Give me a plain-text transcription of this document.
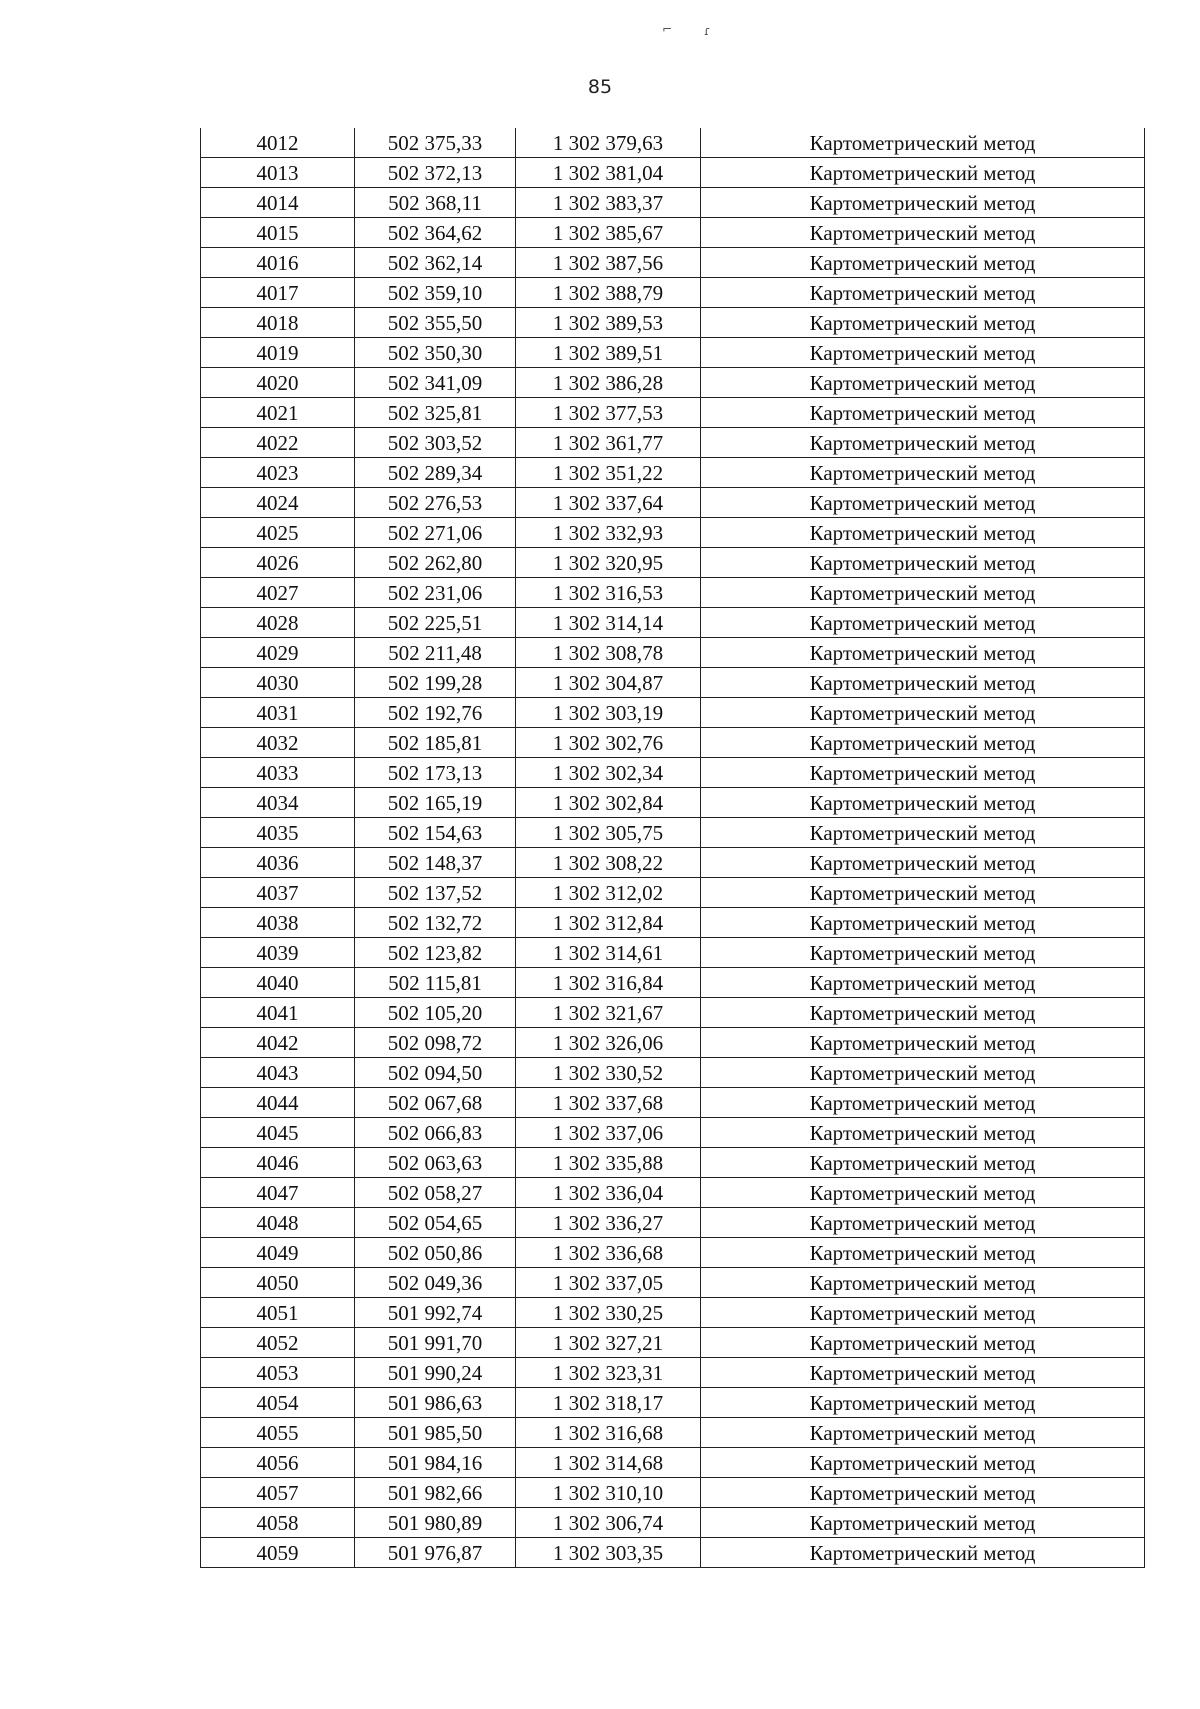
⌐	ɾ
85
4012	502 375,33	1 302 379,63	Картометрический метод
4013	502 372,13	1 302 381,04	Картометрический метод
4014	502 368,11	1 302 383,37	Картометрический метод
4015	502 364,62	1 302 385,67	Картометрический метод
4016	502 362,14	1 302 387,56	Картометрический метод
4017	502 359,10	1 302 388,79	Картометрический метод
4018	502 355,50	1 302 389,53	Картометрический метод
4019	502 350,30	1 302 389,51	Картометрический метод
4020	502 341,09	1 302 386,28	Картометрический метод
4021	502 325,81	1 302 377,53	Картометрический метод
4022	502 303,52	1 302 361,77	Картометрический метод
4023	502 289,34	1 302 351,22	Картометрический метод
4024	502 276,53	1 302 337,64	Картометрический метод
4025	502 271,06	1 302 332,93	Картометрический метод
4026	502 262,80	1 302 320,95	Картометрический метод
4027	502 231,06	1 302 316,53	Картометрический метод
4028	502 225,51	1 302 314,14	Картометрический метод
4029	502 211,48	1 302 308,78	Картометрический метод
4030	502 199,28	1 302 304,87	Картометрический метод
4031	502 192,76	1 302 303,19	Картометрический метод
4032	502 185,81	1 302 302,76	Картометрический метод
4033	502 173,13	1 302 302,34	Картометрический метод
4034	502 165,19	1 302 302,84	Картометрический метод
4035	502 154,63	1 302 305,75	Картометрический метод
4036	502 148,37	1 302 308,22	Картометрический метод
4037	502 137,52	1 302 312,02	Картометрический метод
4038	502 132,72	1 302 312,84	Картометрический метод
4039	502 123,82	1 302 314,61	Картометрический метод
4040	502 115,81	1 302 316,84	Картометрический метод
4041	502 105,20	1 302 321,67	Картометрический метод
4042	502 098,72	1 302 326,06	Картометрический метод
4043	502 094,50	1 302 330,52	Картометрический метод
4044	502 067,68	1 302 337,68	Картометрический метод
4045	502 066,83	1 302 337,06	Картометрический метод
4046	502 063,63	1 302 335,88	Картометрический метод
4047	502 058,27	1 302 336,04	Картометрический метод
4048	502 054,65	1 302 336,27	Картометрический метод
4049	502 050,86	1 302 336,68	Картометрический метод
4050	502 049,36	1 302 337,05	Картометрический метод
4051	501 992,74	1 302 330,25	Картометрический метод
4052	501 991,70	1 302 327,21	Картометрический метод
4053	501 990,24	1 302 323,31	Картометрический метод
4054	501 986,63	1 302 318,17	Картометрический метод
4055	501 985,50	1 302 316,68	Картометрический метод
4056	501 984,16	1 302 314,68	Картометрический метод
4057	501 982,66	1 302 310,10	Картометрический метод
4058	501 980,89	1 302 306,74	Картометрический метод
4059	501 976,87	1 302 303,35	Картометрический метод
